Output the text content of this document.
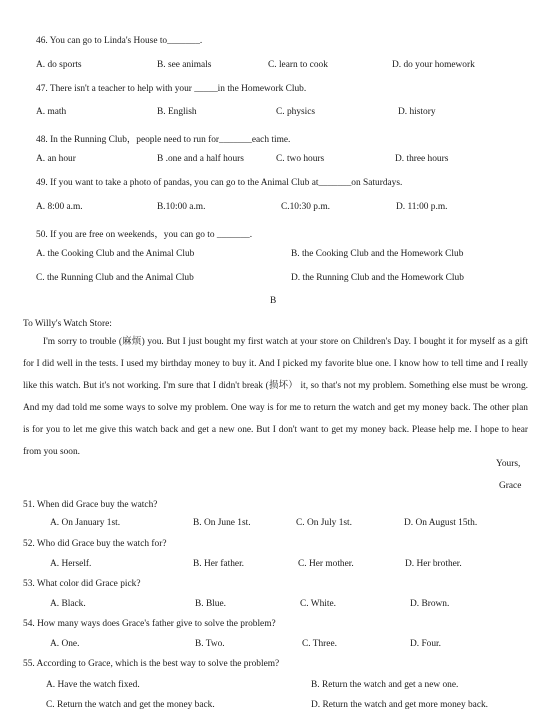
46. You can go to Linda's House to_______.
A. do sports	B. see animals	C. learn to cook	D. do your homework
47. There isn't a teacher to help with your _____in the Homework Club.
A. math	B. English	C. physics	D. history
48. In the Running Club，people need to run for_______each time.
A. an hour	B .one and a half hours	C. two hours	D. three hours
49. If you want to take a photo of pandas, you can go to the Animal Club at_______on Saturdays.
A. 8:00 a.m.	B.10:00 a.m.	C.10:30 p.m.	D. 11:00 p.m.
50. If you are free on weekends，you can go to _______.
A. the Cooking Club and the Animal Club	B. the Cooking Club and the Homework Club
C. the Running Club and the Animal Club	D. the Running Club and the Homework Club
B
To Willy's Watch Store:

I'm sorry to trouble (麻烦) you. But I just bought my first watch at your store on Children's Day. I bought it for myself as a gift for I did well in the tests. I used my birthday money to buy it. And I picked my favorite blue one. I know how to tell time and I really like this watch. But it's not working. I'm sure that I didn't break (损坏） it, so that's not my problem. Something else must be wrong. And my dad told me some ways to solve my problem. One way is for me to return the watch and get my money back. The other plan is for you to let me give this watch back and get a new one. But I don't want to get my money back. Please help me. I hope to hear from you soon.

Yours,
Grace
51. When did Grace buy the watch?
A. On January 1st.	B. On June 1st.	C. On July 1st.	D. On August 15th.
52. Who did Grace buy the watch for?
A. Herself.	B. Her father.	C. Her mother.	D. Her brother.
53. What color did Grace pick?
A. Black.	B. Blue.	C. White.	D. Brown.
54. How many ways does Grace's father give to solve the problem?
A. One.	B. Two.	C. Three.	D. Four.
55. According to Grace, which is the best way to solve the problem?
A. Have the watch fixed.	B. Return the watch and get a new one.
C. Return the watch and get the money back.	D. Return the watch and get more money back.
